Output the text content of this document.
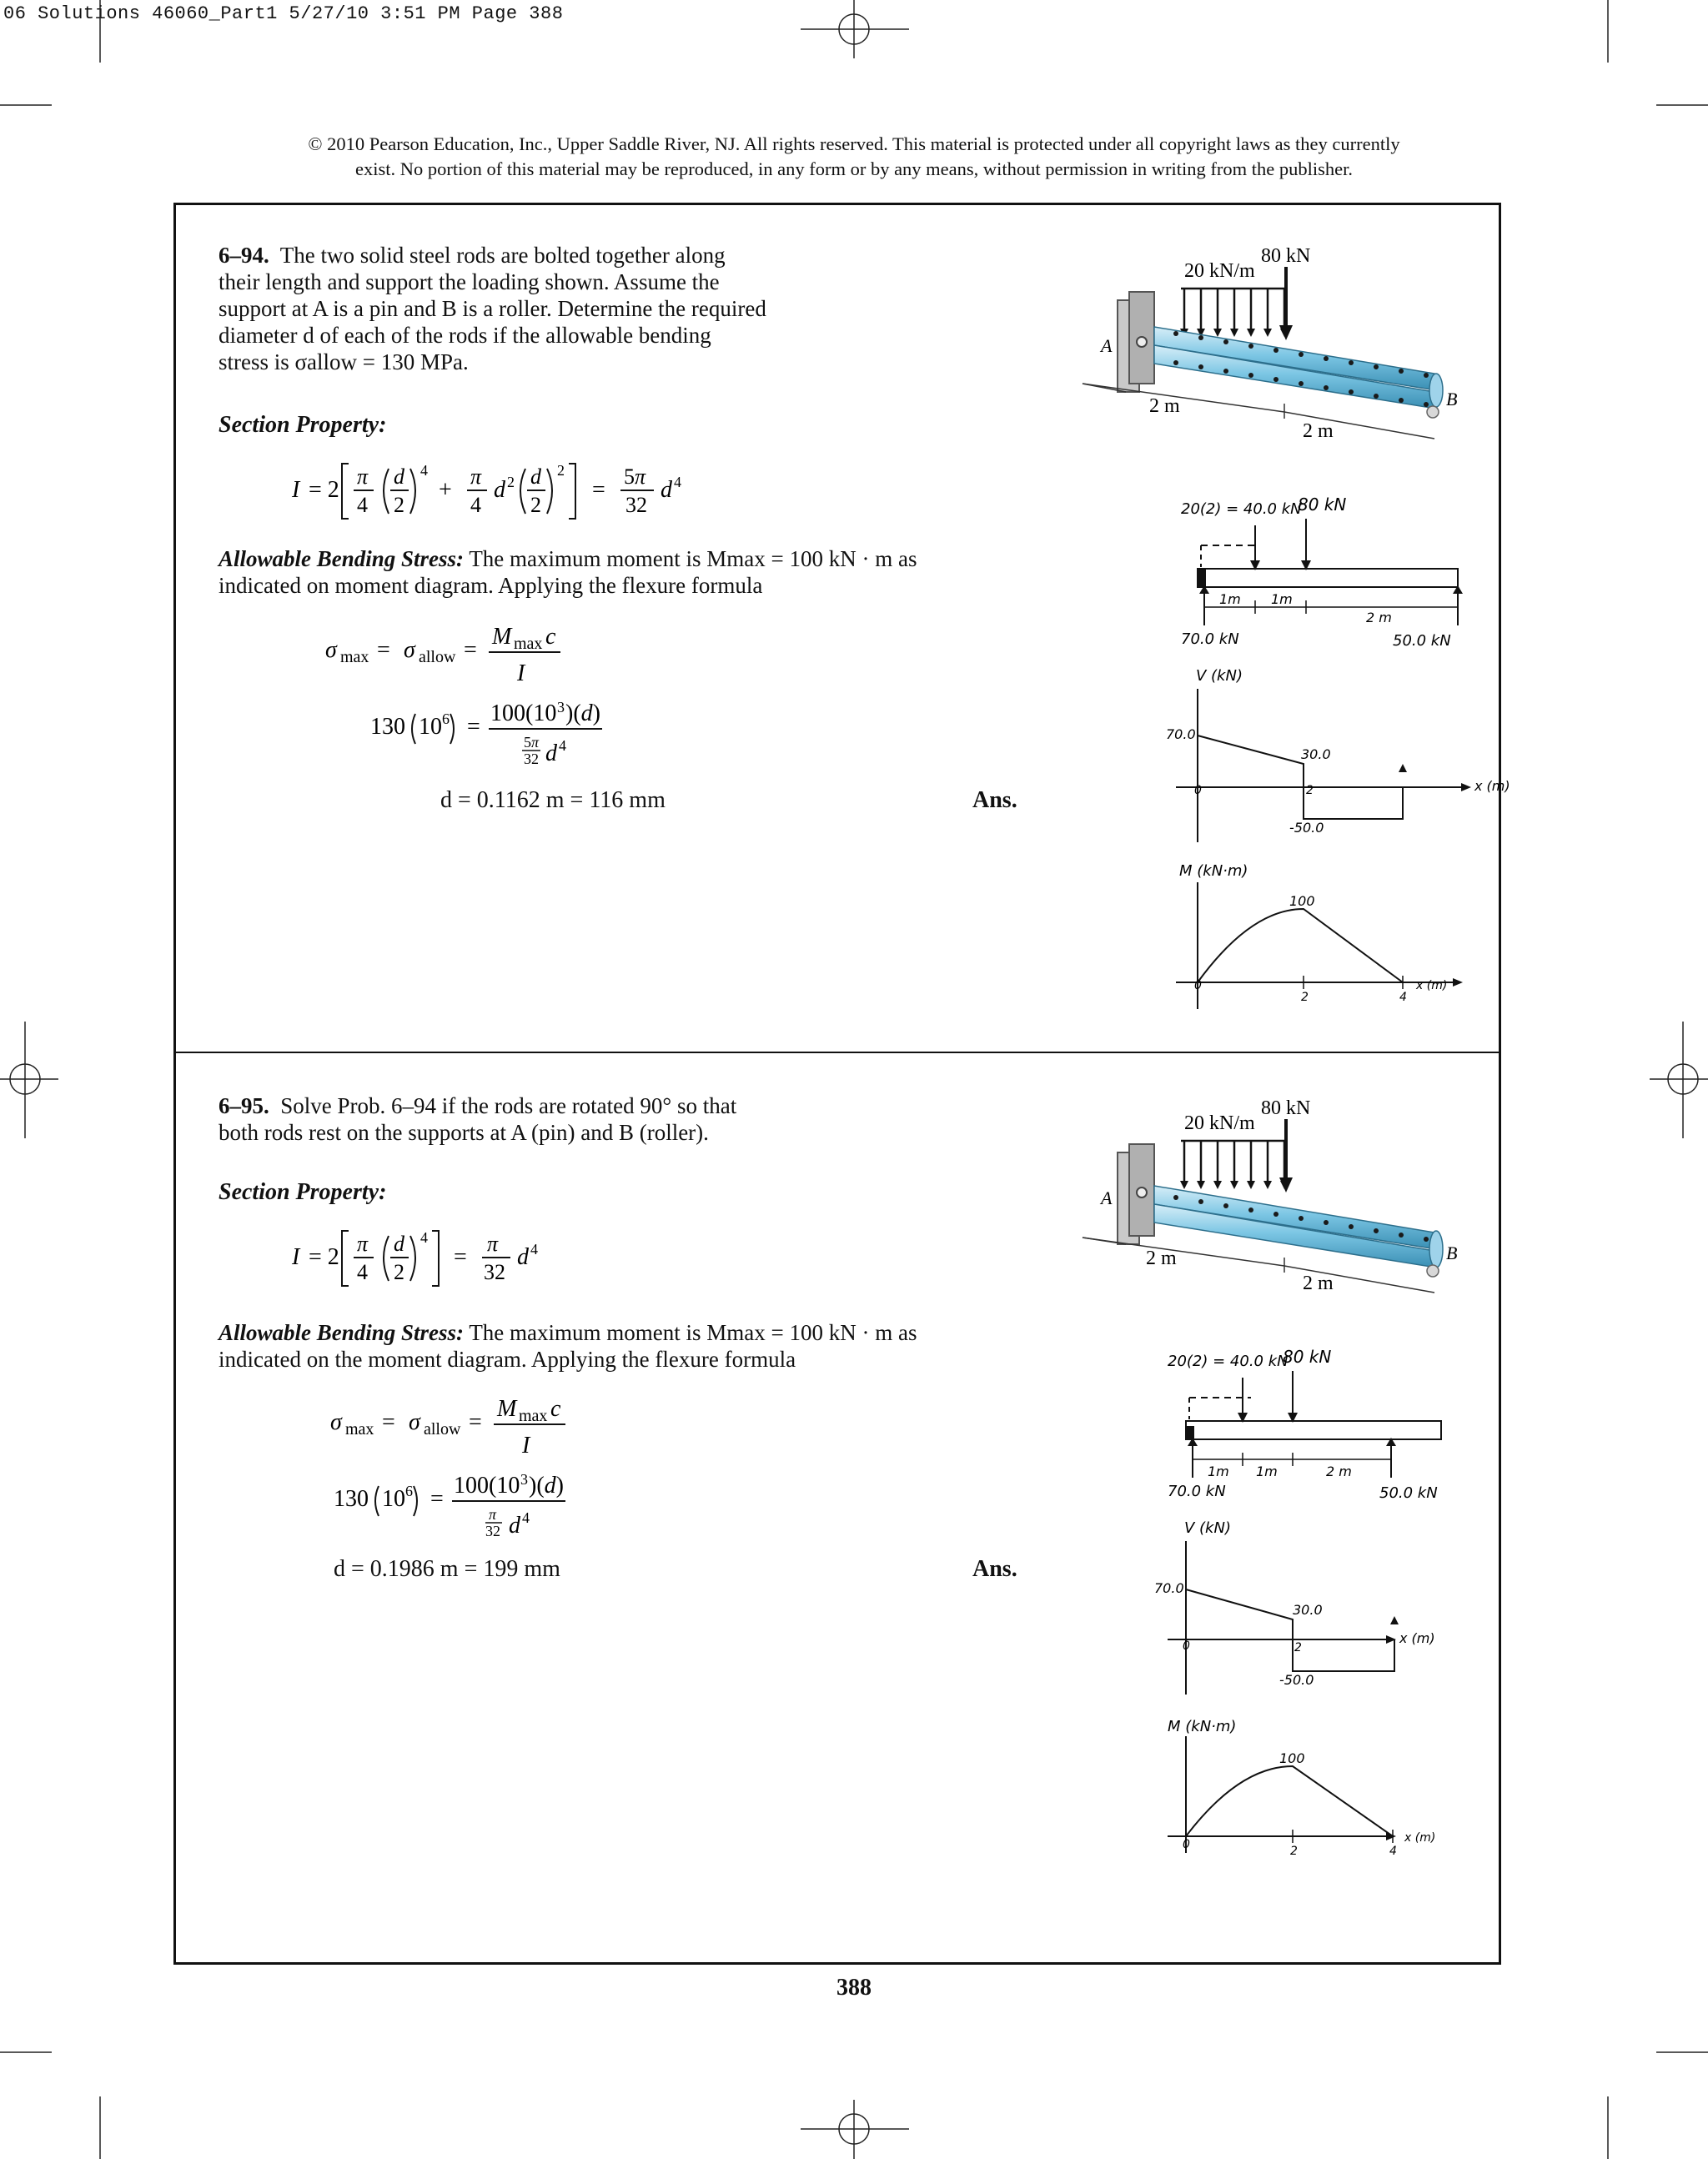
06 Solutions 46060_Part1 5/27/10 3:51 PM Page 388
© 2010 Pearson Education, Inc., Upper Saddle River, NJ. All rights reserved. This material is protected under all copyright laws as they currently
exist. No portion of this material may be reproduced, in any form or by any means, without permission in writing from the publisher.
6–94. The two solid steel rods are bolted together along
their length and support the loading shown. Assume the
support at A is a pin and B is a roller. Determine the required
diameter d of each of the rods if the allowable bending
stress is σallow = 130 MPa.
Section Property:
I = 2
π
4
d
2
4
+
π
4
d 2 d
2
2
=
5π
32
d 4
Allowable Bending Stress: The maximum moment is Mmax = 100 kN · m as
indicated on moment diagram. Applying the flexure formula
σ max = σ allow =
M max c
I
130 10 6 =
100(10 3 )(d)
5π
32 d 4
d = 0.1162 m = 116 mm	Ans.
20 kN/m
80 kN
A
B
2 m
2 m
20(2) = 40.0 kN
80 kN
1m 1m
2 m
70.0 kN	50.0 kN
V (kN)
70.0
30.0
-50.0
0	2	x (m)
M (kN·m)
100
0
2	4
x (m)
6–95. Solve Prob. 6–94 if the rods are rotated 90° so that
both rods rest on the supports at A (pin) and B (roller).
Section Property:
I = 2
π
4
d
2
4
=
π
32
d 4
Allowable Bending Stress: The maximum moment is Mmax = 100 kN · m as
indicated on the moment diagram. Applying the flexure formula
σ max = σ allow =
M max c
I
130 10 6 =
100(10 3 )(d)
π
32 d 4
d = 0.1986 m = 199 mm	Ans.
20 kN/m
80 kN
A
B
2 m
2 m
20(2) = 40.0 kN
80 kN
1m 1m	2 m
70.0 kN	50.0 kN
V (kN)
70.0
30.0
-50.0
0	2
x (m)
M (kN·m)
100
0	2	4
x (m)
388
